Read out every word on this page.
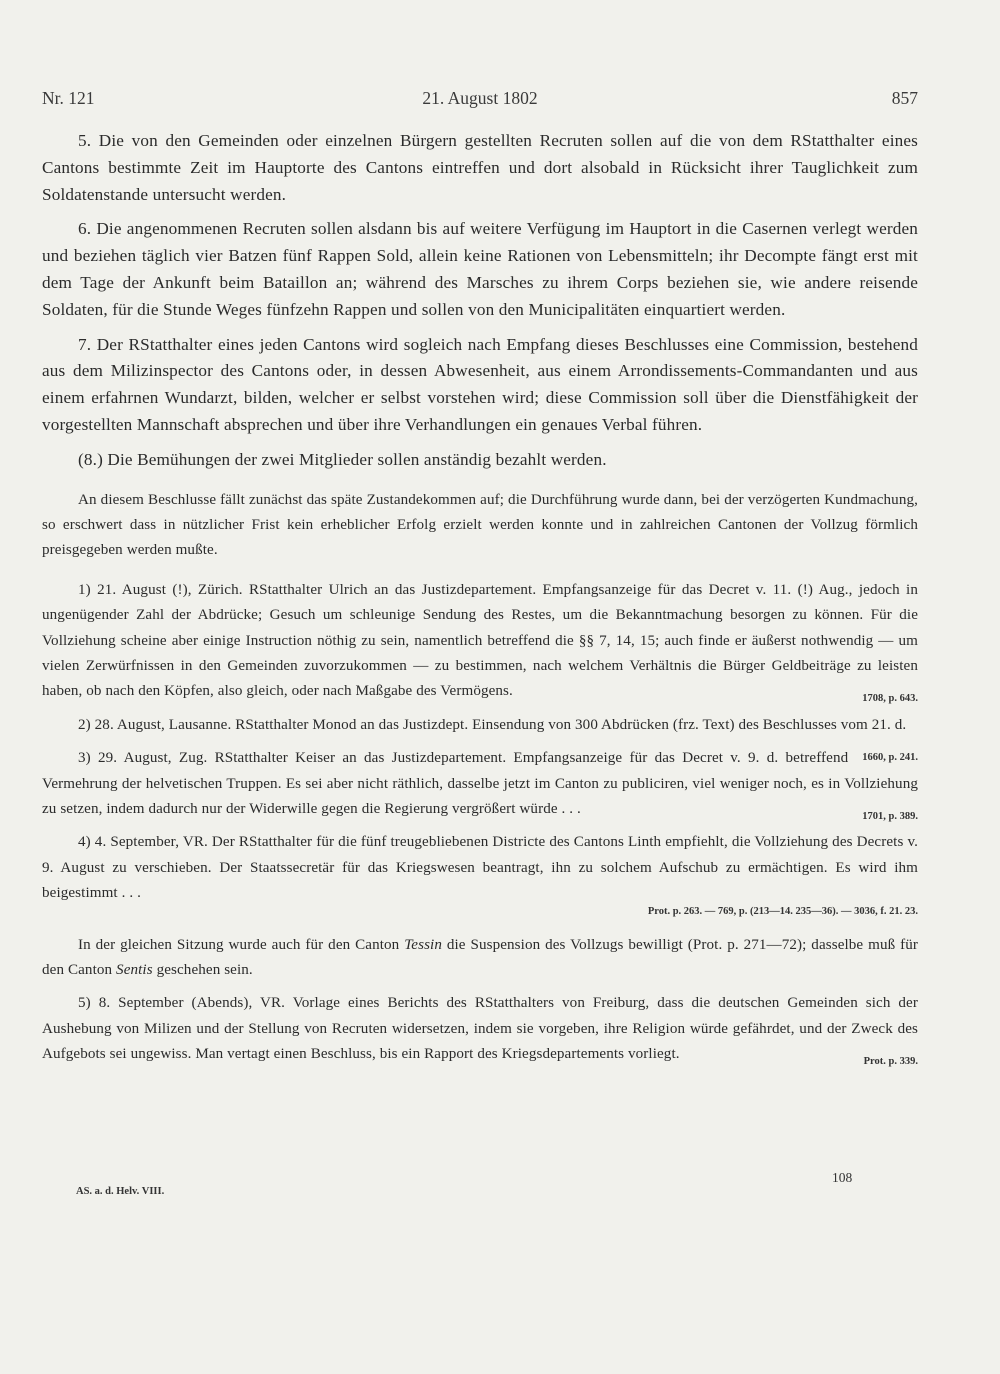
Nr. 121	21. August 1802	857

5. Die von den Gemeinden oder einzelnen Bürgern gestellten Recruten sollen auf die von dem RStatthalter eines Cantons bestimmte Zeit im Hauptorte des Cantons eintreffen und dort alsobald in Rücksicht ihrer Tauglichkeit zum Soldatenstande untersucht werden.

6. Die angenommenen Recruten sollen alsdann bis auf weitere Verfügung im Hauptort in die Casernen verlegt werden und beziehen täglich vier Batzen fünf Rappen Sold, allein keine Rationen von Lebensmitteln; ihr Decompte fängt erst mit dem Tage der Ankunft beim Bataillon an; während des Marsches zu ihrem Corps beziehen sie, wie andere reisende Soldaten, für die Stunde Weges fünfzehn Rappen und sollen von den Municipalitäten einquartiert werden.

7. Der RStatthalter eines jeden Cantons wird sogleich nach Empfang dieses Beschlusses eine Commission, bestehend aus dem Milizinspector des Cantons oder, in dessen Abwesenheit, aus einem Arrondissements-Commandanten und aus einem erfahrnen Wundarzt, bilden, welcher er selbst vorstehen wird; diese Commission soll über die Dienstfähigkeit der vorgestellten Mannschaft absprechen und über ihre Verhandlungen ein genaues Verbal führen.

(8.) Die Bemühungen der zwei Mitglieder sollen anständig bezahlt werden.

An diesem Beschlusse fällt zunächst das späte Zustandekommen auf; die Durchführung wurde dann, bei der verzögerten Kundmachung, so erschwert dass in nützlicher Frist kein erheblicher Erfolg erzielt werden konnte und in zahlreichen Cantonen der Vollzug förmlich preisgegeben werden mußte.

1) 21. August (!), Zürich. RStatthalter Ulrich an das Justizdepartement. Empfangsanzeige für das Decret v. 11. (!) Aug., jedoch in ungenügender Zahl der Abdrücke; Gesuch um schleunige Sendung des Restes, um die Bekanntmachung besorgen zu können. Für die Vollziehung scheine aber einige Instruction nöthig zu sein, namentlich betreffend die §§ 7, 14, 15; auch finde er äußerst nothwendig — um vielen Zerwürfnissen in den Gemeinden zuvorzukommen — zu bestimmen, nach welchem Verhältnis die Bürger Geldbeiträge zu leisten haben, ob nach den Köpfen, also gleich, oder nach Maßgabe des Vermögens.	1708, p. 643.

2) 28. August, Lausanne. RStatthalter Monod an das Justizdept. Einsendung von 300 Abdrücken (frz. Text) des Beschlusses vom 21. d.
1660, p. 241.

3) 29. August, Zug. RStatthalter Keiser an das Justizdepartement. Empfangsanzeige für das Decret v. 9. d. betreffend Vermehrung der helvetischen Truppen. Es sei aber nicht räthlich, dasselbe jetzt im Canton zu publiciren, viel weniger noch, es in Vollziehung zu setzen, indem dadurch nur der Widerwille gegen die Regierung vergrößert würde . . .	1701, p. 389.

4) 4. September, VR. Der RStatthalter für die fünf treugebliebenen Districte des Cantons Linth empfiehlt, die Vollziehung des Decrets v. 9. August zu verschieben. Der Staatssecretär für das Kriegswesen beantragt, ihn zu solchem Aufschub zu ermächtigen. Es wird ihm beigestimmt . . .

Prot. p. 263. — 769, p. (213—14. 235—36). — 3036, f. 21. 23.

In der gleichen Sitzung wurde auch für den Canton Tessin die Suspension des Vollzugs bewilligt (Prot. p. 271—72); dasselbe muß für den Canton Sentis geschehen sein.

5) 8. September (Abends), VR. Vorlage eines Berichts des RStatthalters von Freiburg, dass die deutschen Gemeinden sich der Aushebung von Milizen und der Stellung von Recruten widersetzen, indem sie vorgeben, ihre Religion würde gefährdet, und der Zweck des Aufgebots sei ungewiss. Man vertagt einen Beschluss, bis ein Rapport des Kriegsdepartements vorliegt.	Prot. p. 339.

108
AS. a. d. Helv. VIII.
